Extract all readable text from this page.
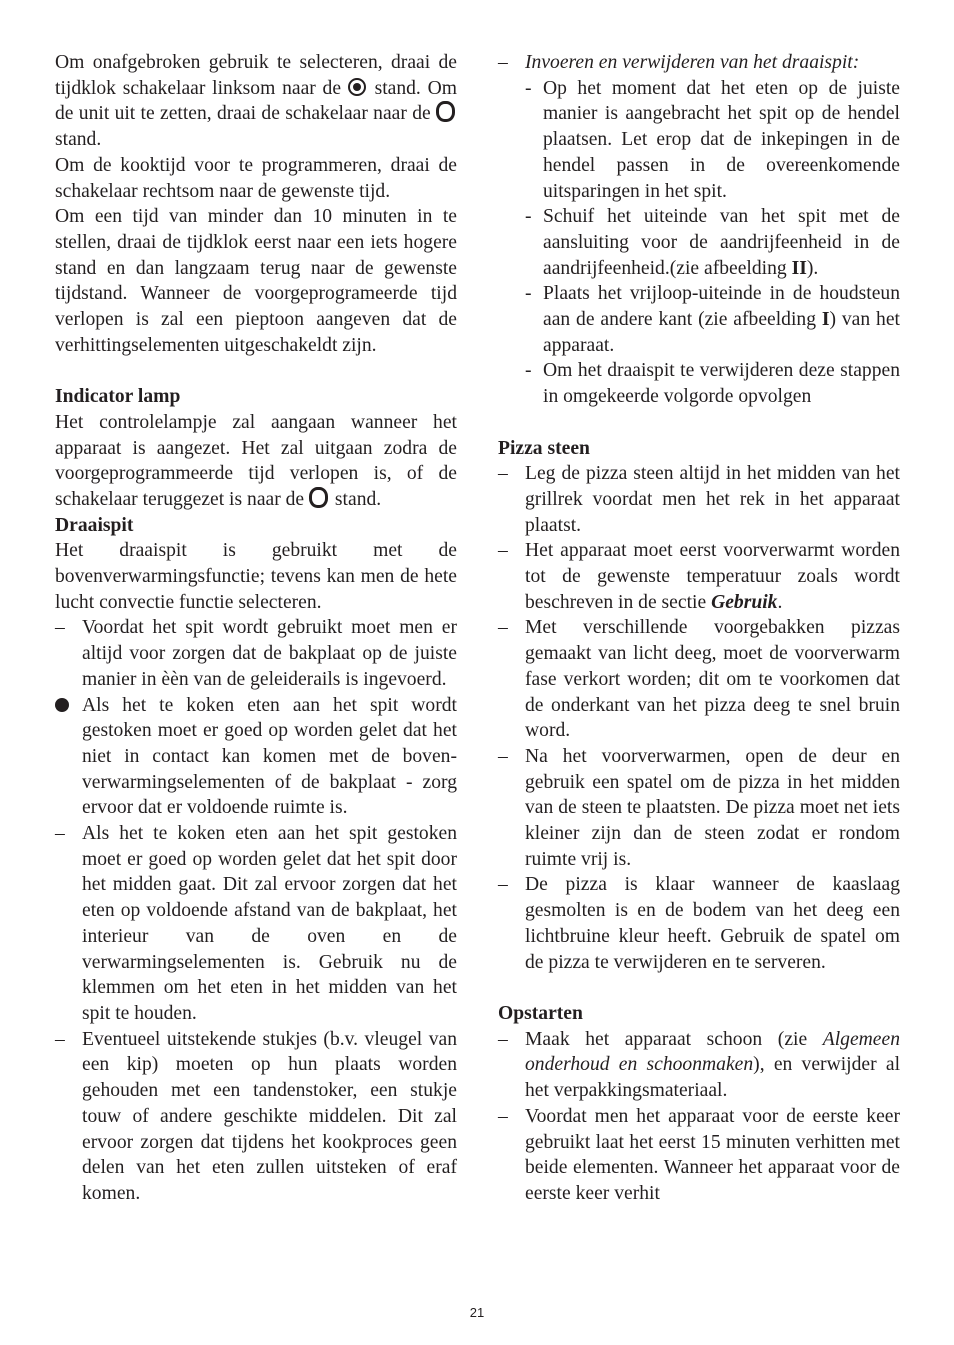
Om onafgebroken gebruik te selecteren, draai de tijdklok schakelaar linksom naar de  stand. Om de unit uit te zetten, draai de schakelaar naar de  stand.

Om de kooktijd voor te programmeren, draai de schakelaar rechtsom naar de gewenste tijd.

Om een tijd van minder dan 10 minuten in te stellen, draai de tijdklok eerst naar een iets hogere stand en dan langzaam terug naar de gewenste tijdstand. Wanneer de voorgeprogrameerde tijd verlopen is zal een pieptoon aangeven dat de verhittingselementen uitgeschakeldt zijn.

Indicator lamp

Het controlelampje zal aangaan wanneer het apparaat is aangezet. Het zal uitgaan zodra de voorgeprogrammeerde tijd verlopen is, of de schakelaar teruggezet is naar de  stand.

Draaispit

Het draaispit is gebruikt met de bovenverwarmingsfunctie; tevens kan men de hete lucht convectie functie selecteren.

– Voordat het spit wordt gebruikt moet men er altijd voor zorgen dat de bakplaat op de juiste manier in èèn van de geleiderails is ingevoerd.
Als het te koken eten aan het spit wordt gestoken moet er goed op worden gelet dat het niet in contact kan komen met de boven-verwarmingselementen of de bakplaat - zorg ervoor dat er voldoende ruimte is.
– Als het te koken eten aan het spit gestoken moet er goed op worden gelet dat het spit door het midden gaat. Dit zal ervoor zorgen dat het eten op voldoende afstand van de bakplaat, het interieur van de oven en de verwarmingselementen is. Gebruik nu de klemmen om het eten in het midden van het spit te houden.
– Eventueel uitstekende stukjes (b.v. vleugel van een kip) moeten op hun plaats worden gehouden met een tandenstoker, een stukje touw of andere geschikte middelen. Dit zal ervoor zorgen dat tijdens het kookproces geen delen van het eten zullen uitsteken of eraf komen.
– Invoeren en verwijderen van het draaispit:
- Op het moment dat het eten op de juiste manier is aangebracht het spit op de hendel plaatsen. Let erop dat de inkepingen in de hendel passen in de overeenkomende uitsparingen in het spit.
- Schuif het uiteinde van het spit met de aansluiting voor de aandrijfeenheid in de aandrijfeenheid.(zie afbeelding II).
- Plaats het vrijloop-uiteinde in de houdsteun aan de andere kant (zie afbeelding I) van het apparaat.
- Om het draaispit te verwijderen deze stappen in omgekeerde volgorde opvolgen

Pizza steen

– Leg de pizza steen altijd in het midden van het grillrek voordat men het rek in het apparaat plaatst.
– Het apparaat moet eerst voorverwarmt worden tot de gewenste temperatuur zoals wordt beschreven in de sectie Gebruik.
– Met verschillende voorgebakken pizzas gemaakt van licht deeg, moet de voorverwarm fase verkort worden; dit om te voorkomen dat de onderkant van het pizza deeg te snel bruin word.
– Na het voorverwarmen, open de deur en gebruik een spatel om de pizza in het midden van de steen te plaatsten. De pizza moet net iets kleiner zijn dan de steen zodat er rondom ruimte vrij is.
– De pizza is klaar wanneer de kaaslaag gesmolten is en de bodem van het deeg een lichtbruine kleur heeft. Gebruik de spatel om de pizza te verwijderen en te serveren.

Opstarten

– Maak het apparaat schoon (zie Algemeen onderhoud en schoonmaken), en verwijder al het verpakkingsmateriaal.
– Voordat men het apparaat voor de eerste keer gebruikt laat het eerst 15 minuten verhitten met beide elementen. Wanneer het apparaat voor de eerste keer verhit
21
